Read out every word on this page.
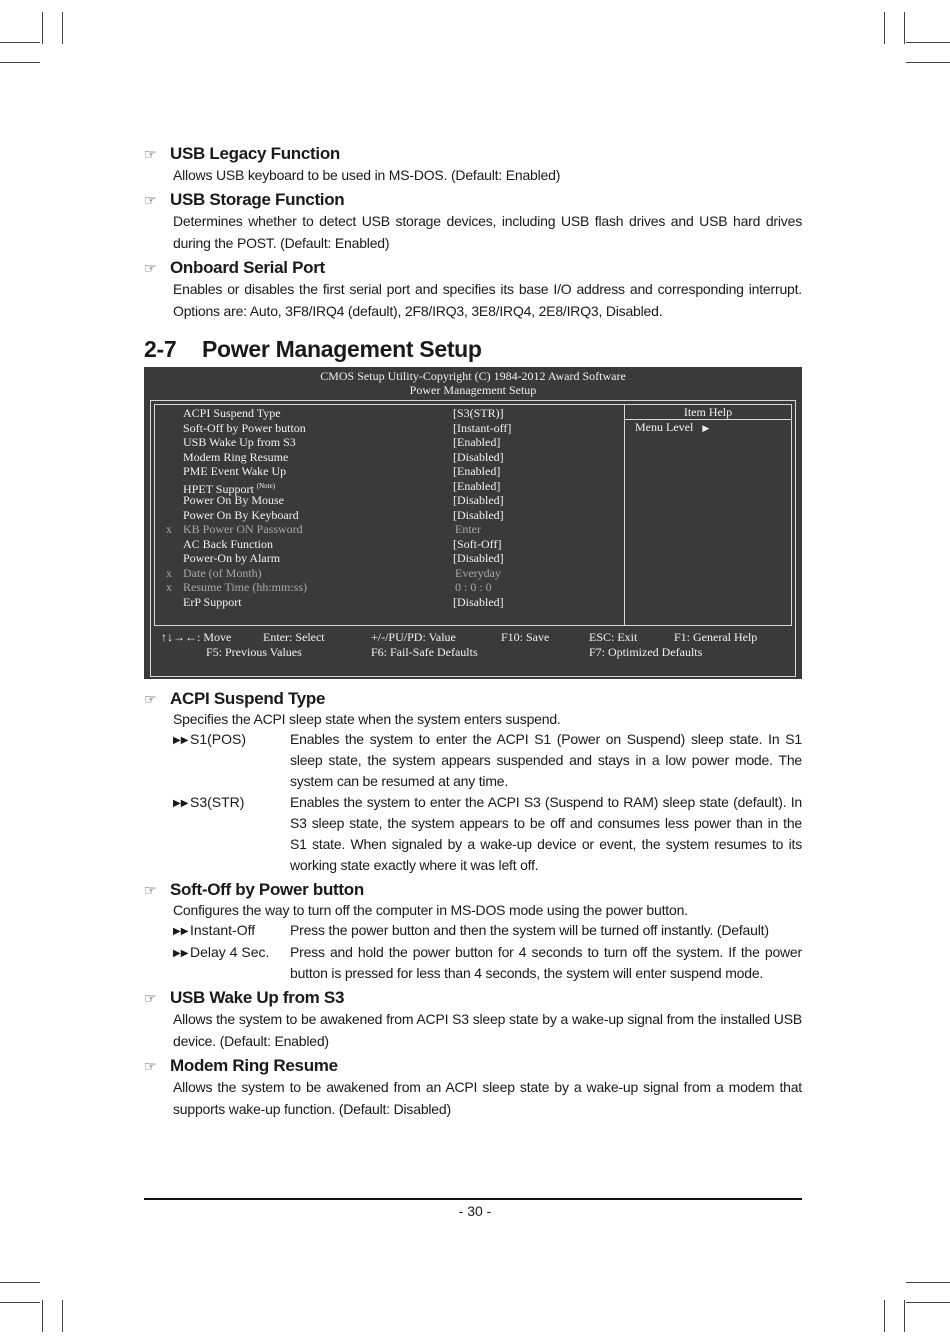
☞ USB Legacy Function
Allows USB keyboard to be used in MS-DOS. (Default: Enabled)
☞ USB Storage Function
Determines whether to detect USB storage devices, including USB flash drives and USB hard drives during the POST. (Default: Enabled)
☞ Onboard Serial Port
Enables or disables the first serial port and specifies its base I/O address and corresponding interrupt. Options are: Auto, 3F8/IRQ4 (default), 2F8/IRQ3, 3E8/IRQ4, 2E8/IRQ3, Disabled.
2-7	Power Management Setup
CMOS Setup Utility-Copyright (C) 1984-2012 Award Software
Power Management Setup
Item Help
Menu Level ▶
ACPI Suspend Type	[S3(STR)]
Soft-Off by Power button	[Instant-off]
USB Wake Up from S3	[Enabled]
Modem Ring Resume	[Disabled]
PME Event Wake Up	[Enabled]
HPET Support $^{(Note)}$	[Enabled]
Power On By Mouse	[Disabled]
Power On By Keyboard	[Disabled]
x KB Power ON Password	Enter
AC Back Function	[Soft-Off]
Power-On by Alarm	[Disabled]
x Date (of Month)	Everyday
x Resume Time (hh:mm:ss)	0 : 0 : 0
ErP Support	[Disabled]
↑↓→←: Move	Enter: Select	+/-/PU/PD: Value	F10: Save	ESC: Exit	F1: General Help
F5: Previous Values	F6: Fail-Safe Defaults	F7: Optimized Defaults
☞ ACPI Suspend Type
Specifies the ACPI sleep state when the system enters suspend.
▶▶ S1(POS)	Enables the system to enter the ACPI S1 (Power on Suspend) sleep state. In S1 sleep state, the system appears suspended and stays in a low power mode. The system can be resumed at any time.
▶▶ S3(STR)	Enables the system to enter the ACPI S3 (Suspend to RAM) sleep state (default). In S3 sleep state, the system appears to be off and consumes less power than in the S1 state. When signaled by a wake-up device or event, the system resumes to its working state exactly where it was left off.
☞ Soft-Off by Power button
Configures the way to turn off the computer in MS-DOS mode using the power button.
▶▶ Instant-Off Press the power button and then the system will be turned off instantly. (Default)
▶▶ Delay 4 Sec. Press and hold the power button for 4 seconds to turn off the system. If the power button is pressed for less than 4 seconds, the system will enter suspend mode.
☞ USB Wake Up from S3
Allows the system to be awakened from ACPI S3 sleep state by a wake-up signal from the installed USB device. (Default: Enabled)
☞ Modem Ring Resume
Allows the system to be awakened from an ACPI sleep state by a wake-up signal from a modem that supports wake-up function. (Default: Disabled)
- 30 -
